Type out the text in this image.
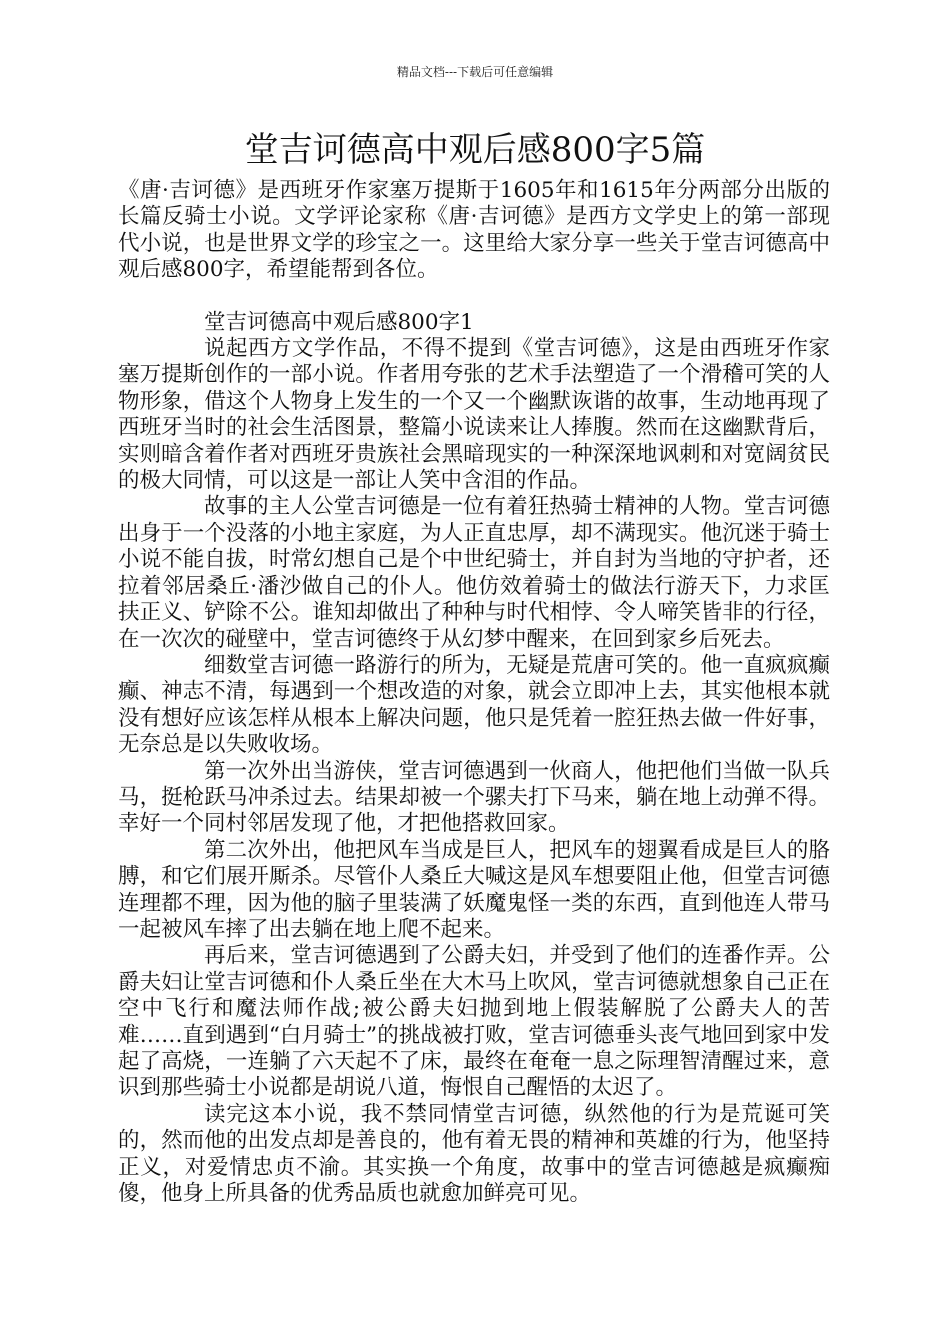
精品文档---下载后可任意编辑
堂吉诃德高中观后感800字5篇

《唐·吉诃德》是西班牙作家塞万提斯于1605年和1615年分两部分出版的长篇反骑士小说。文学评论家称《唐·吉诃德》是西方文学史上的第一部现代小说，也是世界文学的珍宝之一。这里给大家分享一些关于堂吉诃德高中观后感800字，希望能帮到各位。

堂吉诃德高中观后感800字1

说起西方文学作品，不得不提到《堂吉诃德》，这是由西班牙作家塞万提斯创作的一部小说。作者用夸张的艺术手法塑造了一个滑稽可笑的人物形象，借这个人物身上发生的一个又一个幽默诙谐的故事，生动地再现了西班牙当时的社会生活图景，整篇小说读来让人捧腹。然而在这幽默背后，实则暗含着作者对西班牙贵族社会黑暗现实的一种深深地讽刺和对宽阔贫民的极大同情，可以这是一部让人笑中含泪的作品。

故事的主人公堂吉诃德是一位有着狂热骑士精神的人物。堂吉诃德出身于一个没落的小地主家庭，为人正直忠厚，却不满现实。他沉迷于骑士小说不能自拔，时常幻想自己是个中世纪骑士，并自封为当地的守护者，还拉着邻居桑丘·潘沙做自己的仆人。他仿效着骑士的做法行游天下，力求匡扶正义、铲除不公。谁知却做出了种种与时代相悖、令人啼笑皆非的行径，在一次次的碰壁中，堂吉诃德终于从幻梦中醒来，在回到家乡后死去。

细数堂吉诃德一路游行的所为，无疑是荒唐可笑的。他一直疯疯癫癫、神志不清，每遇到一个想改造的对象，就会立即冲上去，其实他根本就没有想好应该怎样从根本上解决问题，他只是凭着一腔狂热去做一件好事，无奈总是以失败收场。

第一次外出当游侠，堂吉诃德遇到一伙商人，他把他们当做一队兵马，挺枪跃马冲杀过去。结果却被一个骡夫打下马来，躺在地上动弹不得。幸好一个同村邻居发现了他，才把他搭救回家。

第二次外出，他把风车当成是巨人，把风车的翅翼看成是巨人的胳膊，和它们展开厮杀。尽管仆人桑丘大喊这是风车想要阻止他，但堂吉诃德连理都不理，因为他的脑子里装满了妖魔鬼怪一类的东西，直到他连人带马一起被风车摔了出去躺在地上爬不起来。

再后来，堂吉诃德遇到了公爵夫妇，并受到了他们的连番作弄。公爵夫妇让堂吉诃德和仆人桑丘坐在大木马上吹风，堂吉诃德就想象自己正在空中飞行和魔法师作战;被公爵夫妇抛到地上假装解脱了公爵夫人的苦难……直到遇到“白月骑士”的挑战被打败，堂吉诃德垂头丧气地回到家中发起了高烧，一连躺了六天起不了床，最终在奄奄一息之际理智清醒过来，意识到那些骑士小说都是胡说八道，悔恨自己醒悟的太迟了。

读完这本小说，我不禁同情堂吉诃德，纵然他的行为是荒诞可笑的，然而他的出发点却是善良的，他有着无畏的精神和英雄的行为，他坚持正义，对爱情忠贞不渝。其实换一个角度，故事中的堂吉诃德越是疯癫痴傻，他身上所具备的优秀品质也就愈加鲜亮可见。
